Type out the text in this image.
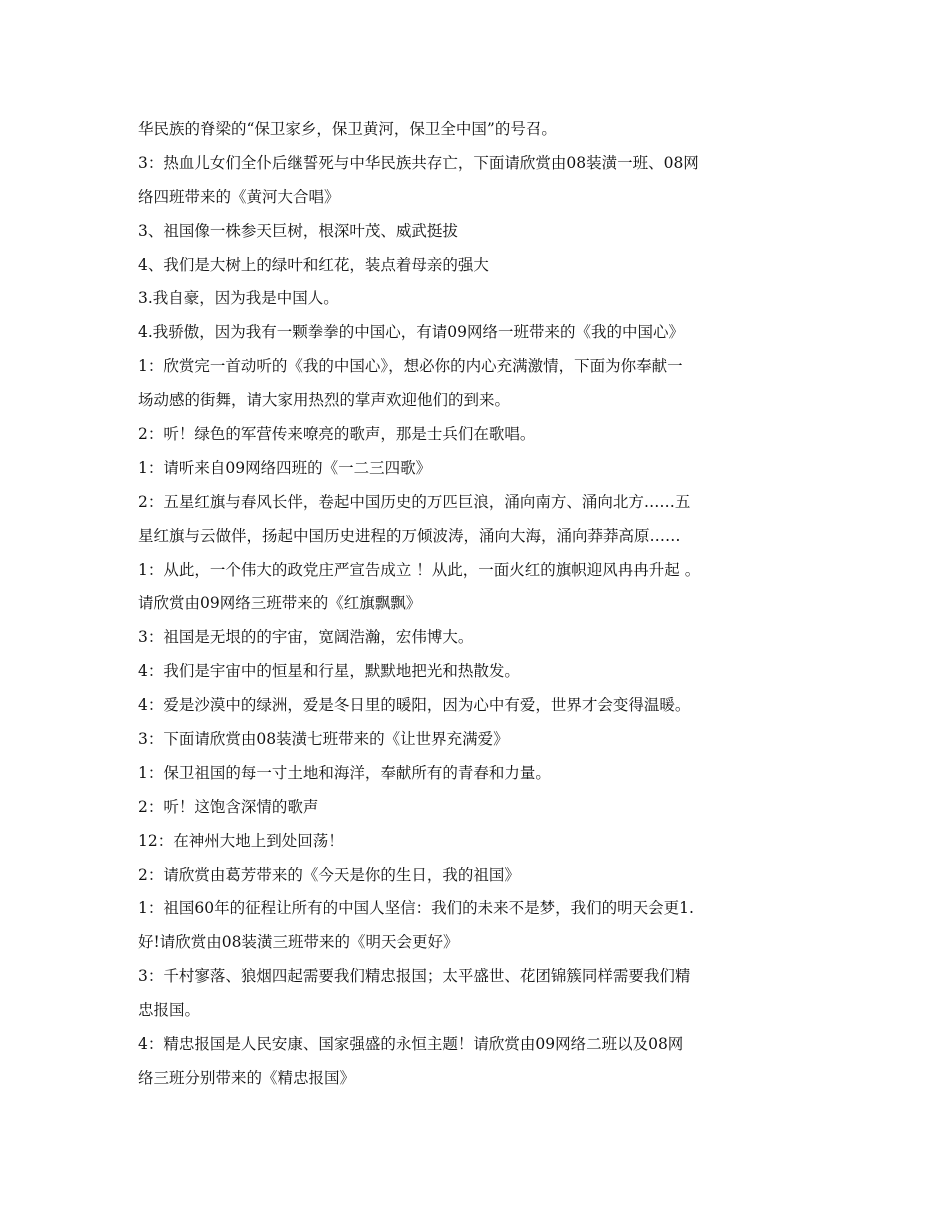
华民族的脊梁的“保卫家乡，保卫黄河，保卫全中国”的号召。
3：热血儿女们全仆后继誓死与中华民族共存亡，下面请欣赏由08装潢一班、08网
络四班带来的《黄河大合唱》
3、祖国像一株参天巨树，根深叶茂、威武挺拔
4、我们是大树上的绿叶和红花，装点着母亲的强大
3.我自豪，因为我是中国人。
4.我骄傲，因为我有一颗拳拳的中国心，有请09网络一班带来的《我的中国心》
1：欣赏完一首动听的《我的中国心》，想必你的内心充满激情，下面为你奉献一
场动感的街舞，请大家用热烈的掌声欢迎他们的到来。
2：听！绿色的军营传来嘹亮的歌声，那是士兵们在歌唱。
1：请听来自09网络四班的《一二三四歌》
2：五星红旗与春风长伴，卷起中国历史的万匹巨浪，涌向南方、涌向北方……五
星红旗与云做伴，扬起中国历史进程的万倾波涛，涌向大海，涌向莽莽高原……
1：从此，一个伟大的政党庄严宣告成立 ！从此，一面火红的旗帜迎风冉冉升起 。
请欣赏由09网络三班带来的《红旗飘飘》
3：祖国是无垠的的宇宙，宽阔浩瀚，宏伟博大。
4：我们是宇宙中的恒星和行星，默默地把光和热散发。
4：爱是沙漠中的绿洲，爱是冬日里的暖阳，因为心中有爱，世界才会变得温暖。
3：下面请欣赏由08装潢七班带来的《让世界充满爱》
1：保卫祖国的每一寸土地和海洋，奉献所有的青春和力量。
2：听！这饱含深情的歌声
12：在神州大地上到处回荡！
2：请欣赏由葛芳带来的《今天是你的生日，我的祖国》
1：祖国60年的征程让所有的中国人坚信：我们的未来不是梦，我们的明天会更1.
好!请欣赏由08装潢三班带来的《明天会更好》
3：千村寥落、狼烟四起需要我们精忠报国；太平盛世、花团锦簇同样需要我们精
忠报国。
4：精忠报国是人民安康、国家强盛的永恒主题！请欣赏由09网络二班以及08网
络三班分别带来的《精忠报国》
